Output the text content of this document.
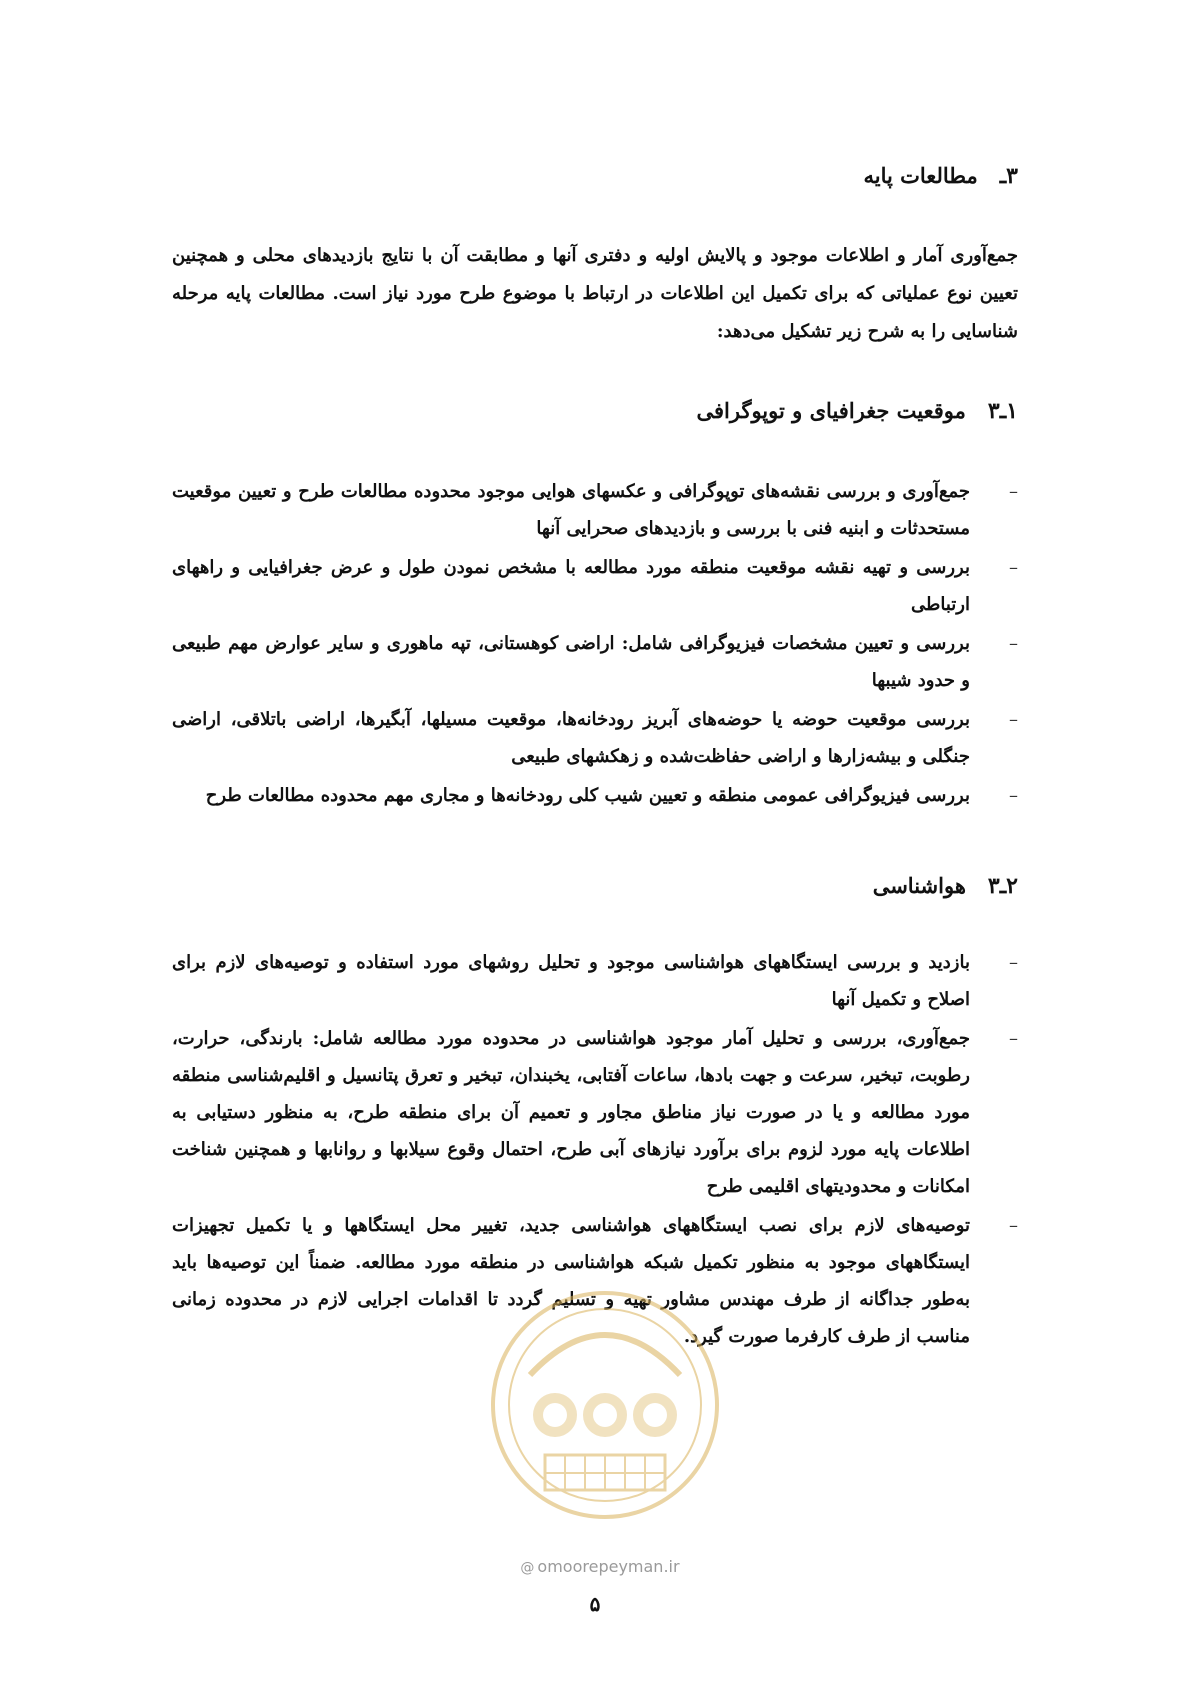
۳ـ
مطالعات پایه
جمع‌آوری آمار و اطلاعات موجود و پالایش اولیه و دفتری آنها و مطابقت آن با نتایج بازدیدهای محلی و همچنین تعیین نوع عملیاتی که برای تکمیل این اطلاعات در ارتباط با موضوع طرح مورد نیاز است. مطالعات پایه مرحله شناسایی را به شرح زیر تشکیل می‌دهد:
۱ـ۳
موقعیت جغرافیای و توپوگرافی
–
جمع‌آوری و بررسی نقشه‌های توپوگرافی و عکسهای هوایی موجود محدوده مطالعات طرح و تعیین موقعیت مستحدثات و ابنیه فنی با بررسی و بازدیدهای صحرایی آنها
–
بررسی و تهیه نقشه موقعیت منطقه مورد مطالعه با مشخص نمودن طول و عرض جغرافیایی و راههای ارتباطی
–
بررسی و تعیین مشخصات فیزیوگرافی شامل: اراضی کوهستانی، تپه ماهوری و سایر عوارض مهم طبیعی و حدود شیبها
–
بررسی موقعیت حوضه یا حوضه‌های آبریز رودخانه‌ها، موقعیت مسیلها، آبگیرها، اراضی باتلاقی، اراضی جنگلی و بیشه‌زارها و اراضی حفاظت‌شده و زهکشهای طبیعی
–
بررسی فیزیوگرافی عمومی منطقه و تعیین شیب کلی رودخانه‌ها و مجاری مهم محدوده مطالعات طرح
۲ـ۳
هواشناسی
–
بازدید و بررسی ایستگاههای هواشناسی موجود و تحلیل روشهای مورد استفاده و توصیه‌های لازم برای اصلاح و تکمیل آنها
–
جمع‌آوری، بررسی و تحلیل آمار موجود هواشناسی در محدوده مورد مطالعه شامل: بارندگی، حرارت، رطوبت، تبخیر، سرعت و جهت بادها، ساعات آفتابی، یخبندان، تبخیر و تعرق پتانسیل و اقلیم‌شناسی منطقه مورد مطالعه و یا در صورت نیاز مناطق مجاور و تعمیم آن برای منطقه طرح، به منظور دستیابی به اطلاعات پایه مورد لزوم برای برآورد نیازهای آبی طرح، احتمال وقوع سیلابها و روانابها و همچنین شناخت امکانات و محدودیتهای اقلیمی طرح
–
توصیه‌های لازم برای نصب ایستگاههای هواشناسی جدید، تغییر محل ایستگاهها و یا تکمیل تجهیزات ایستگاههای موجود به منظور تکمیل شبکه هواشناسی در منطقه مورد مطالعه. ضمناً این توصیه‌ها باید به‌طور جداگانه از طرف مهندس مشاور تهیه و تسلیم گردد تا اقدامات اجرایی لازم در محدوده زمانی مناسب از طرف کارفرما صورت گیرد.
@ omoorepeyman.ir
۵
